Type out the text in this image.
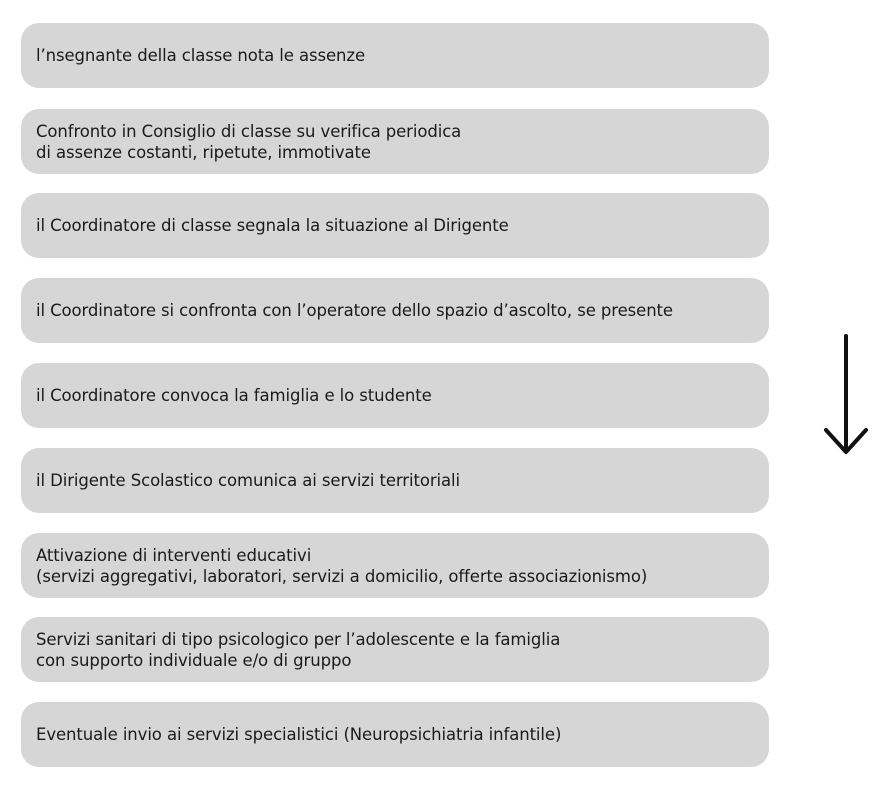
l’nsegnante della classe nota le assenze
Confronto in Consiglio di classe su verifica periodica
di assenze costanti, ripetute, immotivate
il Coordinatore di classe segnala la situazione al Dirigente
il Coordinatore si confronta con l’operatore dello spazio d’ascolto, se presente
il Coordinatore convoca la famiglia e lo studente
il Dirigente Scolastico comunica ai servizi territoriali
Attivazione di interventi educativi
(servizi aggregativi, laboratori, servizi a domicilio, offerte associazionismo)
Servizi sanitari di tipo psicologico per l’adolescente e la famiglia
con supporto individuale e/o di gruppo
Eventuale invio ai servizi specialistici (Neuropsichiatria infantile)
